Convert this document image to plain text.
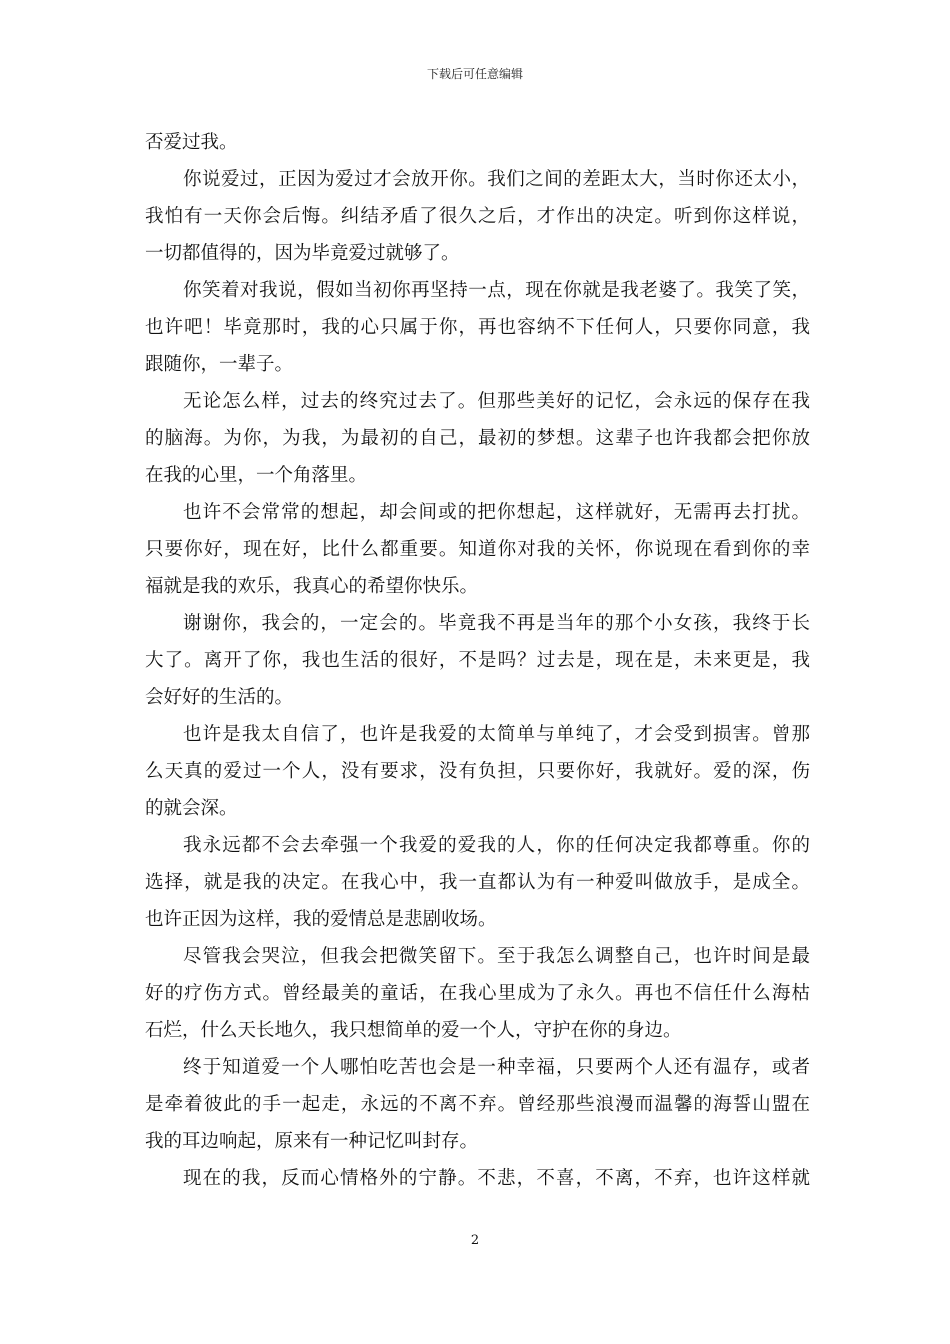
下载后可任意编辑
否爱过我。
你说爱过，正因为爱过才会放开你。我们之间的差距太大，当时你还太小，
我怕有一天你会后悔。纠结矛盾了很久之后，才作出的决定。听到你这样说，
一切都值得的，因为毕竟爱过就够了。
你笑着对我说，假如当初你再坚持一点，现在你就是我老婆了。我笑了笑，
也许吧！毕竟那时，我的心只属于你，再也容纳不下任何人，只要你同意，我
跟随你，一辈子。
无论怎么样，过去的终究过去了。但那些美好的记忆，会永远的保存在我
的脑海。为你，为我，为最初的自己，最初的梦想。这辈子也许我都会把你放
在我的心里，一个角落里。
也许不会常常的想起，却会间或的把你想起，这样就好，无需再去打扰。
只要你好，现在好，比什么都重要。知道你对我的关怀，你说现在看到你的幸
福就是我的欢乐，我真心的希望你快乐。
谢谢你，我会的，一定会的。毕竟我不再是当年的那个小女孩，我终于长
大了。离开了你，我也生活的很好，不是吗？过去是，现在是，未来更是，我
会好好的生活的。
也许是我太自信了，也许是我爱的太简单与单纯了，才会受到损害。曾那
么天真的爱过一个人，没有要求，没有负担，只要你好，我就好。爱的深，伤
的就会深。
我永远都不会去牵强一个我爱的爱我的人，你的任何决定我都尊重。你的
选择，就是我的决定。在我心中，我一直都认为有一种爱叫做放手，是成全。
也许正因为这样，我的爱情总是悲剧收场。
尽管我会哭泣，但我会把微笑留下。至于我怎么调整自己，也许时间是最
好的疗伤方式。曾经最美的童话，在我心里成为了永久。再也不信任什么海枯
石烂，什么天长地久，我只想简单的爱一个人，守护在你的身边。
终于知道爱一个人哪怕吃苦也会是一种幸福，只要两个人还有温存，或者
是牵着彼此的手一起走，永远的不离不弃。曾经那些浪漫而温馨的海誓山盟在
我的耳边响起，原来有一种记忆叫封存。
现在的我，反而心情格外的宁静。不悲，不喜，不离，不弃，也许这样就
2
